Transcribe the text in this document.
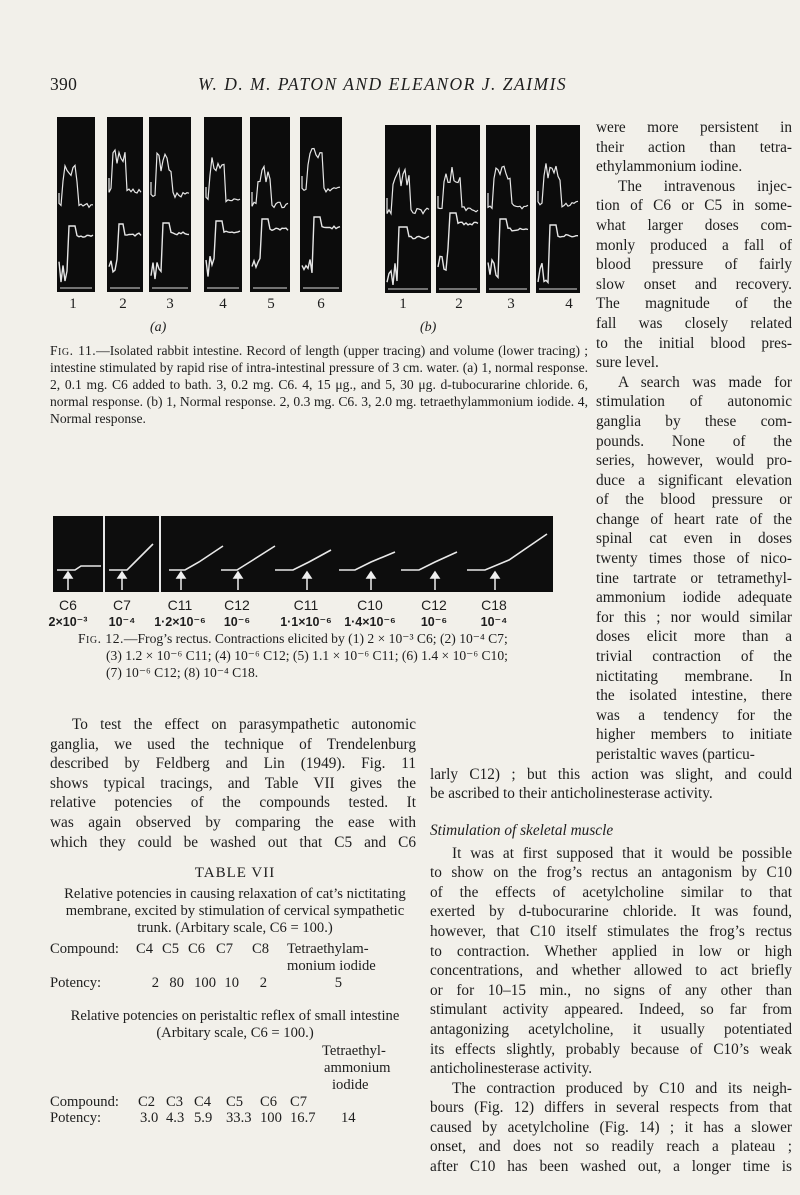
390	W. D. M. PATON AND ELEANOR J. ZAIMIS
1	2	3	4	5	6	1	2	3	4
(a)	(b)
Fig. 11.—Isolated rabbit intestine. Record of length (upper tracing) and volume (lower tracing) ; intestine stimulated by rapid rise of intra-intestinal pressure of 3 cm. water. (a) 1, normal response. 2, 0.1 mg. C6 added to bath. 3, 0.2 mg. C6. 4, 15 μg., and 5, 30 μg. d-tubocurarine chloride. 6, normal response. (b) 1, Normal response. 2, 0.3 mg. C6. 3, 2.0 mg. tetraethylammonium iodide. 4, Normal response.
C6	C7	C11	C12	C11	C10	C12	C18
2×10⁻³	10⁻⁴	1·2×10⁻⁶	10⁻⁶	1·1×10⁻⁶ 1·4×10⁻⁶	10⁻⁶	10⁻⁴
Fig. 12.—Frog’s rectus. Contractions elicited by (1) 2 × 10⁻³ C6; (2) 10⁻⁴ C7;
(3) 1.2 × 10⁻⁶ C11; (4) 10⁻⁶ C12; (5) 1.1 × 10⁻⁶ C11; (6) 1.4 × 10⁻⁶ C10;
(7) 10⁻⁶ C12; (8) 10⁻⁴ C18.
were more persistent in
their action than tetra-
ethylammonium iodine.
The intravenous injec-
tion of C6 or C5 in some-
what larger doses com-
monly produced a fall of
blood pressure of fairly
slow onset and recovery.
The magnitude of the
fall was closely related
to the initial blood pres-
sure level.
A search was made for
stimulation of autonomic
ganglia by these com-
pounds. None of the
series, however, would pro-
duce a significant elevation
of the blood pressure or
change of heart rate of the
spinal cat even in doses
twenty times those of nico-
tine tartrate or tetramethyl-
ammonium iodide adequate
for this ; nor would similar
doses elicit more than a
trivial contraction of the
nictitating membrane. In
the isolated intestine, there
was a tendency for the
higher members to initiate
peristaltic waves (particu-
To test the effect on parasympathetic autonomic
ganglia, we used the technique of Trendelenburg
described by Feldberg and Lin (1949). Fig. 11
shows typical tracings, and Table VII gives the
relative potencies of the compounds tested. It
was again observed by comparing the ease with
which they could be washed out that C5 and C6
TABLE VII
Relative potencies in causing relaxation of cat’s nictitating
membrane, excited by stimulation of cervical sympathetic
trunk. (Arbitary scale, C6 = 100.)
Compound: C4 C5 C6 C7 C8 Tetraethylam-
monium iodide
Potency:	2 80 100 10	2	5
Relative potencies on peristaltic reflex of small intestine
(Arbitary scale, C6 = 100.)
Tetraethyl-
ammonium
iodide
Compound: C2 C3 C4 C5 C6 C7
Potency:	3.0 4.3 5.9 33.3 100 16.7 14
larly C12) ; but this action was slight, and could
be ascribed to their anticholinesterase activity.
Stimulation of skeletal muscle
It was at first supposed that it would be possible
to show on the frog’s rectus an antagonism by C10
of the effects of acetylcholine similar to that
exerted by d-tubocurarine chloride. It was found,
however, that C10 itself stimulates the frog’s rectus
to contraction. Whether applied in low or high
concentrations, and whether allowed to act briefly
or for 10–15 min., no signs of any other than
stimulant activity appeared. Indeed, so far from
antagonizing acetylcholine, it usually potentiated
its effects slightly, probably because of C10’s weak
anticholinesterase activity.
The contraction produced by C10 and its neigh-
bours (Fig. 12) differs in several respects from that
caused by acetylcholine (Fig. 14) ; it has a slower
onset, and does not so readily reach a plateau ;
after C10 has been washed out, a longer time is
